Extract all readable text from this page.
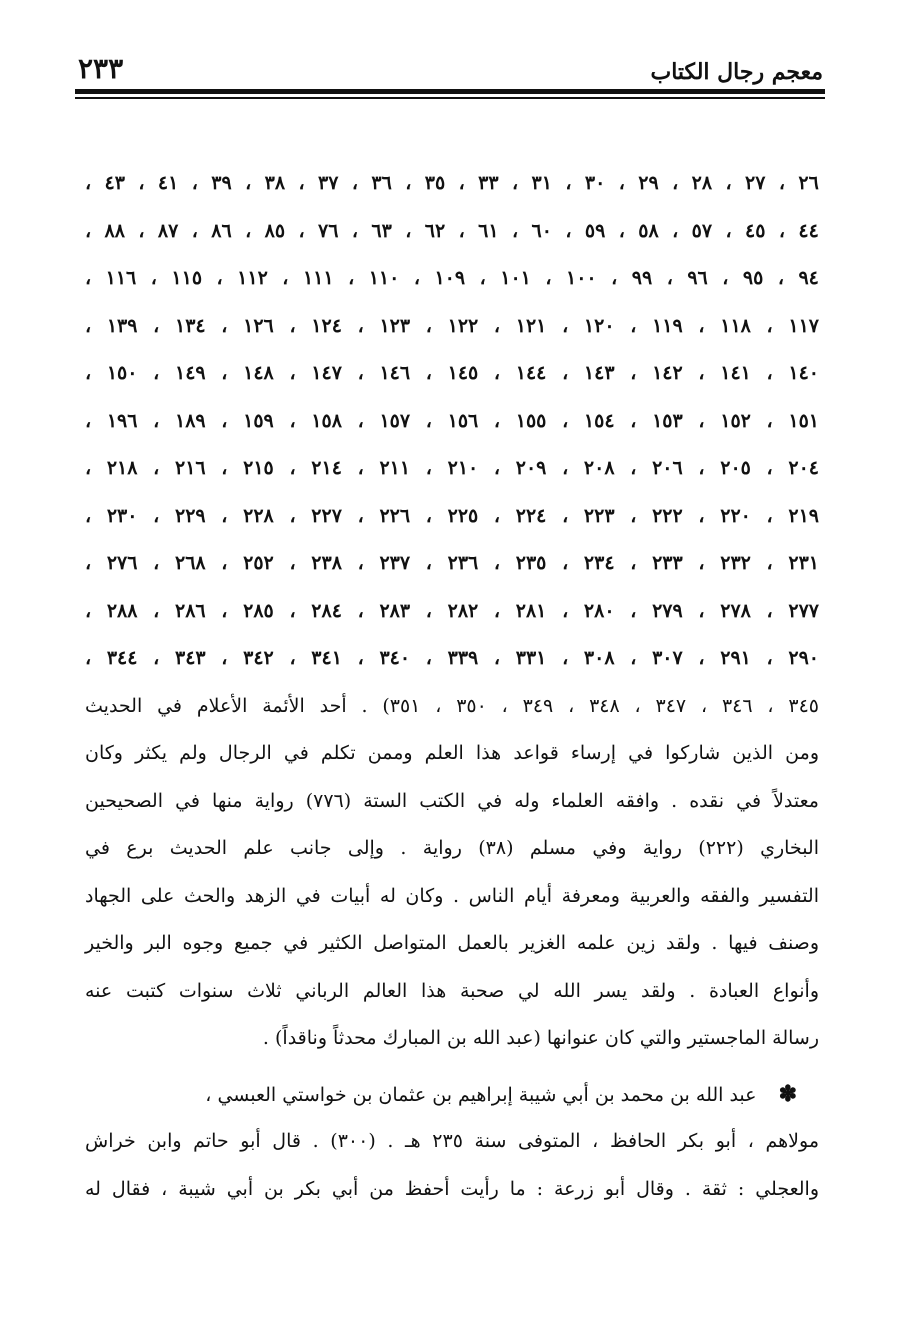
٢٣٣	معجم رجال الكتاب
٢٦ ، ٢٧ ، ٢٨ ، ٢٩ ، ٣٠ ، ٣١ ، ٣٣ ، ٣٥ ، ٣٦ ، ٣٧ ، ٣٨ ، ٣٩ ، ٤١ ، ٤٣ ،
٤٤ ، ٤٥ ، ٥٧ ، ٥٨ ، ٥٩ ، ٦٠ ، ٦١ ، ٦٢ ، ٦٣ ، ٧٦ ، ٨٥ ، ٨٦ ، ٨٧ ، ٨٨ ،
٩٤ ، ٩٥ ، ٩٦ ، ٩٩ ، ١٠٠ ، ١٠١ ، ١٠٩ ، ١١٠ ، ١١١ ، ١١٢ ، ١١٥ ، ١١٦ ،
١١٧ ، ١١٨ ، ١١٩ ، ١٢٠ ، ١٢١ ، ١٢٢ ، ١٢٣ ، ١٢٤ ، ١٢٦ ، ١٣٤ ، ١٣٩ ،
١٤٠ ، ١٤١ ، ١٤٢ ، ١٤٣ ، ١٤٤ ، ١٤٥ ، ١٤٦ ، ١٤٧ ، ١٤٨ ، ١٤٩ ، ١٥٠ ،
١٥١ ، ١٥٢ ، ١٥٣ ، ١٥٤ ، ١٥٥ ، ١٥٦ ، ١٥٧ ، ١٥٨ ، ١٥٩ ، ١٨٩ ، ١٩٦ ،
٢٠٤ ، ٢٠٥ ، ٢٠٦ ، ٢٠٨ ، ٢٠٩ ، ٢١٠ ، ٢١١ ، ٢١٤ ، ٢١٥ ، ٢١٦ ، ٢١٨ ،
٢١٩ ، ٢٢٠ ، ٢٢٢ ، ٢٢٣ ، ٢٢٤ ، ٢٢٥ ، ٢٢٦ ، ٢٢٧ ، ٢٢٨ ، ٢٢٩ ، ٢٣٠ ،
٢٣١ ، ٢٣٢ ، ٢٣٣ ، ٢٣٤ ، ٢٣٥ ، ٢٣٦ ، ٢٣٧ ، ٢٣٨ ، ٢٥٢ ، ٢٦٨ ، ٢٧٦ ،
٢٧٧ ، ٢٧٨ ، ٢٧٩ ، ٢٨٠ ، ٢٨١ ، ٢٨٢ ، ٢٨٣ ، ٢٨٤ ، ٢٨٥ ، ٢٨٦ ، ٢٨٨ ،
٢٩٠ ، ٢٩١ ، ٣٠٧ ، ٣٠٨ ، ٣٣١ ، ٣٣٩ ، ٣٤٠ ، ٣٤١ ، ٣٤٢ ، ٣٤٣ ، ٣٤٤ ،
٣٤٥ ، ٣٤٦ ، ٣٤٧ ، ٣٤٨ ، ٣٤٩ ، ٣٥٠ ، ٣٥١) . أحد الأئمة الأعلام في الحديث
ومن الذين شاركوا في إرساء قواعد هذا العلم وممن تكلم في الرجال ولم يكثر وكان
معتدلاً في نقده . وافقه العلماء وله في الكتب الستة (٧٧٦) رواية منها في الصحيحين
البخاري (٢٢٢) رواية وفي مسلم (٣٨) رواية . وإلى جانب علم الحديث برع في
التفسير والفقه والعربية ومعرفة أيام الناس . وكان له أبيات في الزهد والحث على الجهاد
وصنف فيها . ولقد زين علمه الغزير بالعمل المتواصل الكثير في جميع وجوه البر والخير
وأنواع العبادة . ولقد يسر الله لي صحبة هذا العالم الرباني ثلاث سنوات كتبت عنه
رسالة الماجستير والتي كان عنوانها (عبد الله بن المبارك محدثاً وناقداً) .
✽ عبد الله بن محمد بن أبي شيبة إبراهيم بن عثمان بن خواستي العبسي ،
مولاهم ، أبو بكر الحافظ ، المتوفى سنة ٢٣٥ هـ . (٣٠٠) . قال أبو حاتم وابن خراش
والعجلي : ثقة . وقال أبو زرعة : ما رأيت أحفظ من أبي بكر بن أبي شيبة ، فقال له
